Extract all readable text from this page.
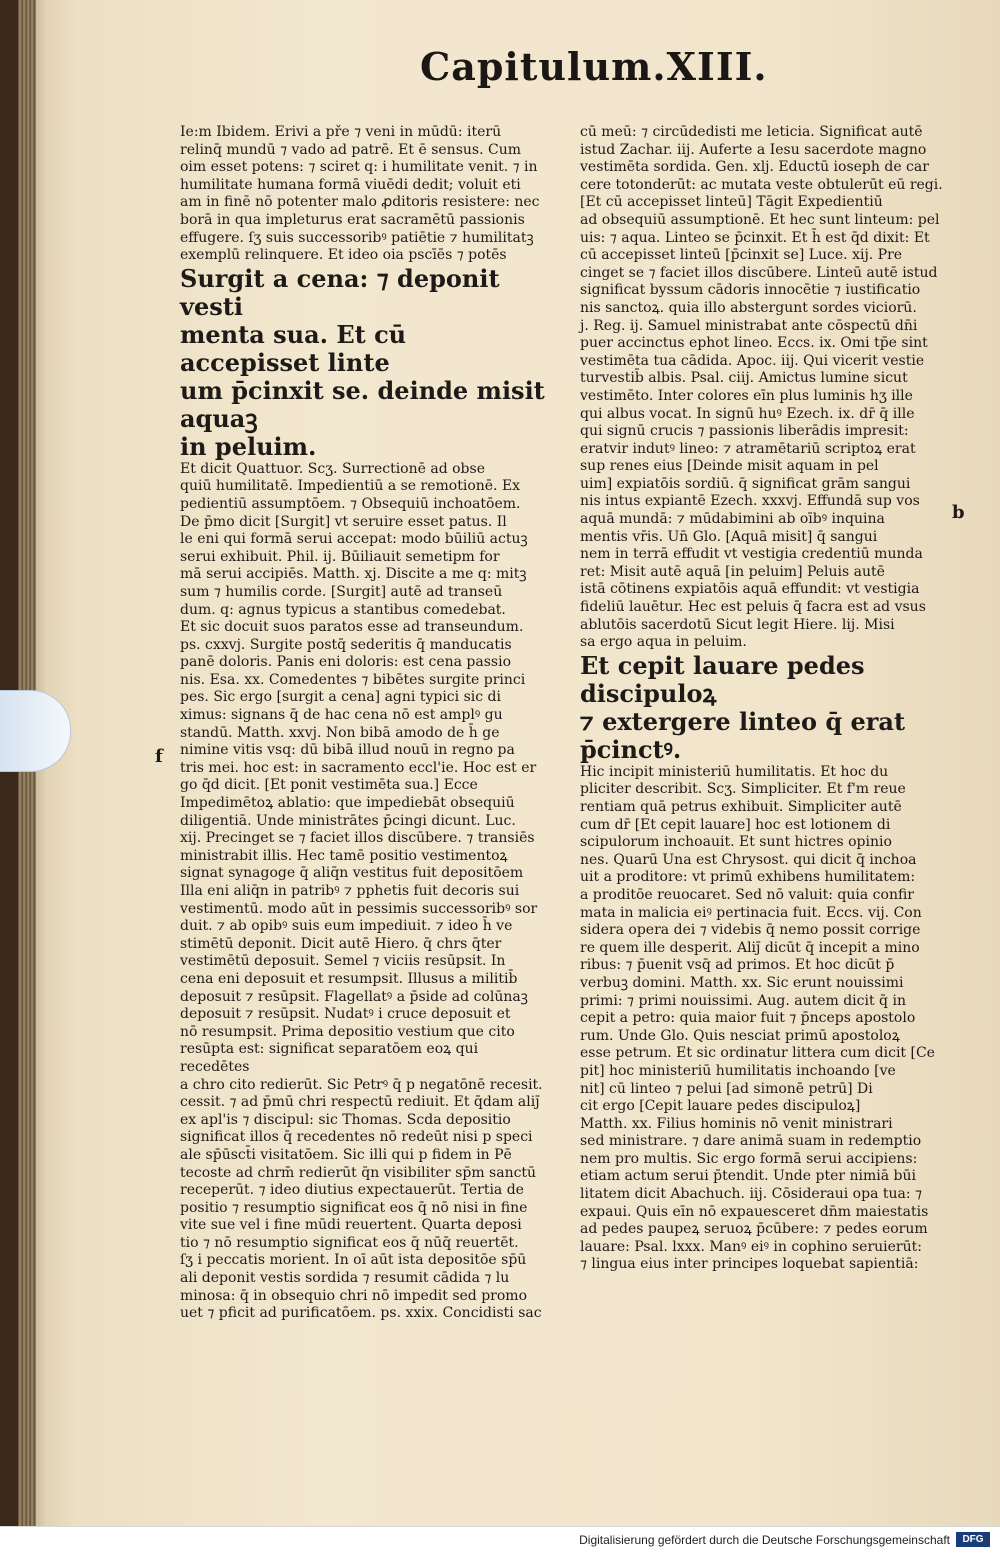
Capitulum.XIII.
f
b

Ie:m Ibidem. Erivi a pře ⁊ veni in mūdū: iterū

relinq̄ mundū ⁊ vado ad patrē. Et ē sensus. Cum

oim esset potens: ⁊ sciret q: i humilitate venit. ⁊ in

humilitate humana formā viuēdi dedit; voluit eti

am in finē nō potenter malo ꝓditoris resistere: nec

borā in qua impleturus erat sacramētū passionis

effugere. ſʒ suis successoribꝰ patiētie ⁊ humilitatꝫ

exemplū relinquere. Et ideo oia pscīēs ⁊ potēs

Surgit a cena: ⁊ deponit vesti

menta sua. Et cū accepisset linte

um p̄cinxit se. deinde misit aquaꝫ

in peluim.

Et dicit Quattuor. Scʒ. Surrectionē ad obse

quiū humilitatē. Impedientiū a se remotionē. Ex

pedientiū assumptōem. ⁊ Obsequiū inchoatōem.

De p̄mo dicit [Surgit] vt seruire esset patus. Il

le eni qui formā serui accepat: modo būiliū actuꝫ

serui exhibuit. Phil. ij. Būiliauit semetipm for

mā serui accipiēs. Matth. xj. Discite a me q: mitꝫ

sum ⁊ humilis corde. [Surgit] autē ad transeū

dum. q: agnus typicus a stantibus comedebat.

Et sic docuit suos paratos esse ad transeundum.

ps. cxxvj. Surgite postq̄ sederitis q̄ manducatis

panē doloris. Panis eni doloris: est cena passio

nis. Esa. xx. Comedentes ⁊ bibētes surgite princi

pes. Sic ergo [surgit a cena] agni typici sic di

ximus: signans q̄ de hac cena nō est amplꝰ gu

standū. Matth. xxvj. Non bibā amodo de h̄ ge

nimine vitis vsq: dū bibā illud nouū in regno pa

tris mei. hoc est: in sacramento eccl'ie. Hoc est er

go q̄d dicit. [Et ponit vestimēta sua.] Ecce

Impedimētoꝝ ablatio: que impediebāt obsequiū

diligentiā. Unde ministrātes p̄cingi dicunt. Luc.

xij. Precinget se ⁊ faciet illos discūbere. ⁊ transiēs

ministrabit illis. Hec tamē positio vestimentoꝝ

signat synagoge q̄ aliq̄n vestitus fuit depositōem

Illa eni aliq̄n in patribꝰ ⁊ pphetis fuit decoris sui

vestimentū. modo aūt in pessimis successoribꝰ sor

duit. ⁊ ab opibꝰ suis eum impediuit. ⁊ ideo h̄ ve

stimētū deponit. Dicit autē Hiero. q̄ chrs q̄ter

vestimētū deposuit. Semel ⁊ viciis resūpsit. In

cena eni deposuit et resumpsit. Illusus a militib̄

deposuit ⁊ resūpsit. Flagellatꝰ a p̄side ad colūnaꝫ

deposuit ⁊ resūpsit. Nudatꝰ i cruce deposuit et

nō resumpsit. Prima depositio vestium que cito

resūpta est: significat separatōem eoꝝ qui recedētes

a chro cito redierūt. Sic Petrꝰ q̄ p negatōnē recesit.

cessit. ⁊ ad p̄mū chri respectū rediuit. Et q̄dam aliȷ̄

ex apl'is ⁊ discipul: sic Thomas. Scda depositio

significat illos q̄ recedentes nō redeūt nisi p speci

ale sp̄ūsct̄i visitatōem. Sic illi qui p fidem in Pē

tecoste ad chrm̄ redierūt q̄n visibiliter sp̄m sanctū

receperūt. ⁊ ideo diutius expectauerūt. Tertia de

positio ⁊ resumptio significat eos q̄ nō nisi in fine

vite sue vel i fine mūdi reuertent. Quarta deposi

tio ⁊ nō resumptio significat eos q̄ nūq̄ reuertēt.

ſʒ i peccatis morient. In oī aūt ista depositōe sp̄ū

ali deponit vestis sordida ⁊ resumit cādida ⁊ lu

minosa: q̄ in obsequio chri nō impedit sed promo

uet ⁊ pficit ad purificatōem. ps. xxix. Concidisti sac

cū meū: ⁊ circūdedisti me leticia. Significat autē

istud Zachar. iij. Auferte a Iesu sacerdote magno

vestimēta sordida. Gen. xlj. Eductū ioseph de car

cere totonderūt: ac mutata veste obtulerūt eū regi.

[Et cū accepisset linteū] Tāgit Expedientiū

ad obsequiū assumptionē. Et hec sunt linteum: pel

uis: ⁊ aqua. Linteo se p̄cinxit. Et h̄ est q̄d dixit: Et

cū accepisset linteū [p̄cinxit se] Luce. xij. Pre

cinget se ⁊ faciet illos discūbere. Linteū autē istud

significat byssum cādoris innocētie ⁊ iustificatio

nis sanctoꝝ. quia illo abstergunt sordes viciorū.

j. Reg. ij. Samuel ministrabat ante cōspectū dn̄i

puer accinctus ephot lineo. Eccs. ix. Omi tp̄e sint

vestimēta tua cādida. Apoc. iij. Qui vicerit vestie

turvestib̄ albis. Psal. ciij. Amictus lumine sicut

vestimēto. Inter colores eīn plus luminis hʒ ille

qui albus vocat. In signū huꝰ Ezech. ix. dr̄ q̄ ille

qui signū crucis ⁊ passionis liberādis impresit:

eratvir indutꝰ lineo: ⁊ atramētariū scriptoꝝ erat

sup renes eius [Deinde misit aquam in pel

uim] expiatōis sordiū. q̄ significat grām sangui

nis intus expiantē Ezech. xxxvj. Effundā sup vos

aquā mundā: ⁊ mūdabimini ab oībꝰ inquina

mentis vr̄is. Un̄ Glo. [Aquā misit] q̄ sangui

nem in terrā effudit vt vestigia credentiū munda

ret: Misit autē aquā [in peluim] Peluis autē

istā cōtinens expiatōis aquā effundit: vt vestigia

fideliū lauētur. Hec est peluis q̄ facra est ad vsus

ablutōis sacerdotū Sicut legit Hiere. lij. Misi

sa ergo aqua in peluim.

Et cepit lauare pedes discipuloꝝ

⁊ extergere linteo q̄ erat p̄cinctꝰ.

Hic incipit ministeriū humilitatis. Et hoc du

pliciter describit. Scʒ. Simpliciter. Et f'm reue

rentiam quā petrus exhibuit. Simpliciter autē

cum dr̄ [Et cepit lauare] hoc est lotionem di

scipulorum inchoauit. Et sunt hictres opinio

nes. Quarū Una est Chrysost. qui dicit q̄ inchoa

uit a proditore: vt primū exhibens humilitatem:

a proditōe reuocaret. Sed nō valuit: quia confir

mata in malicia eiꝰ pertinacia fuit. Eccs. vij. Con

sidera opera dei ⁊ videbis q̄ nemo possit corrige

re quem ille desperit. Aliȷ̄ dicūt q̄ incepit a mino

ribus: ⁊ p̄uenit vsq̄ ad primos. Et hoc dicūt p̄

verbuꝫ domini. Matth. xx. Sic erunt nouissimi

primi: ⁊ primi nouissimi. Aug. autem dicit q̄ in

cepit a petro: quia maior fuit ⁊ p̄nceps apostolo

rum. Unde Glo. Quis nesciat primū apostoloꝝ

esse petrum. Et sic ordinatur littera cum dicit [Ce

pit] hoc ministeriū humilitatis inchoando [ve

nit] cū linteo ⁊ pelui [ad simonē petrū] Di

cit ergo [Cepit lauare pedes discipuloꝝ]

Matth. xx. Filius hominis nō venit ministrari

sed ministrare. ⁊ dare animā suam in redemptio

nem pro multis. Sic ergo formā serui accipiens:

etiam actum serui p̄tendit. Unde pter nimiā būi

litatem dicit Abachuch. iij. Cōsideraui opa tua: ⁊

expaui. Quis eīn nō expauesceret dn̄m maiestatis

ad pedes paupeꝝ seruoꝝ p̄cūbere: ⁊ pedes eorum

lauare: Psal. lxxx. Manꝰ eiꝰ in cophino seruierūt:

⁊ lingua eius inter principes loquebat sapientiā:

Digitalisierung gefördert durch die Deutsche Forschungsgemeinschaft	DFG
